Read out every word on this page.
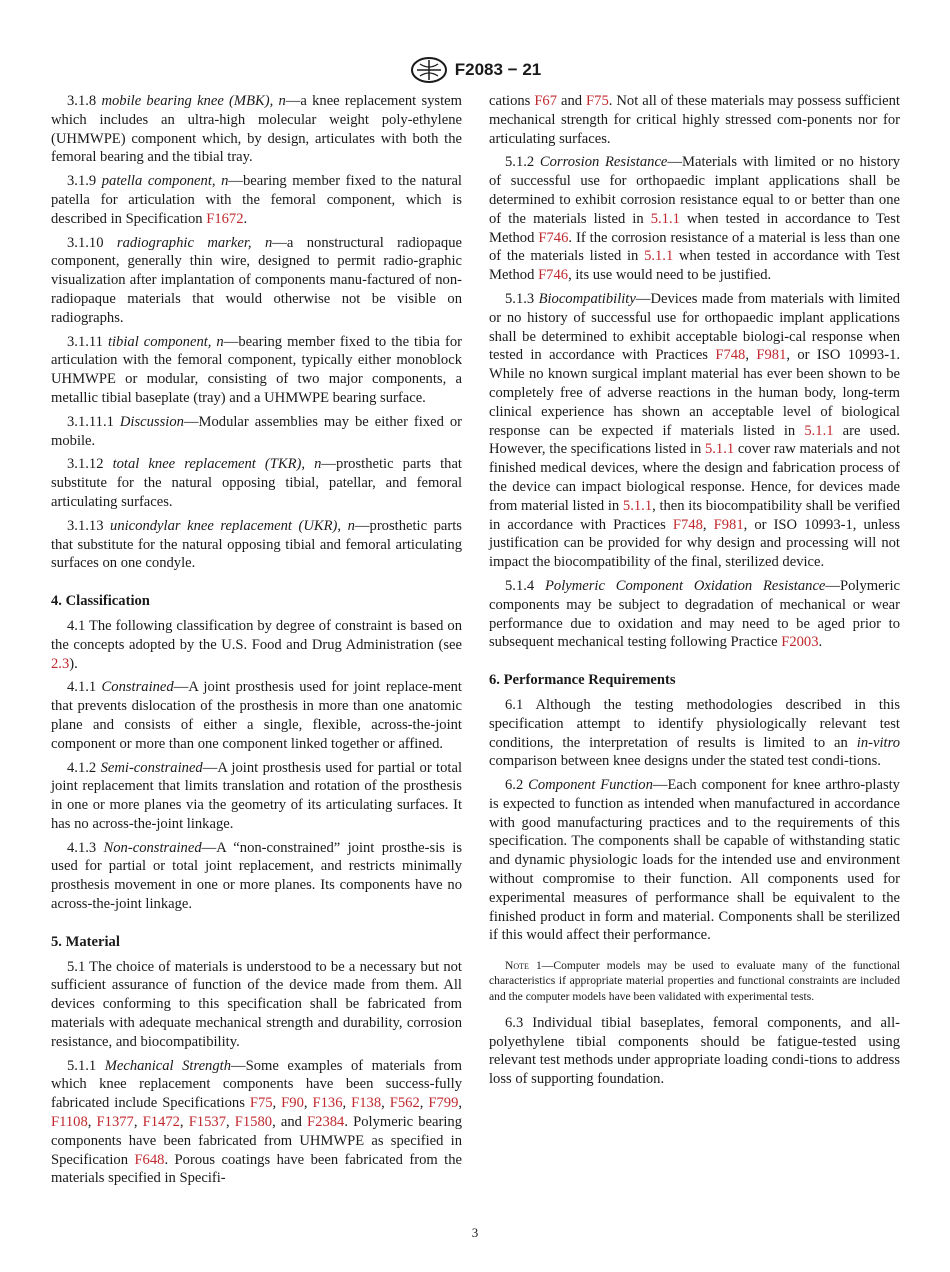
F2083 − 21

3.1.8 mobile bearing knee (MBK), n—a knee replacement system which includes an ultra-high molecular weight poly-ethylene (UHMWPE) component which, by design, articulates with both the femoral bearing and the tibial tray.

3.1.9 patella component, n—bearing member fixed to the natural patella for articulation with the femoral component, which is described in Specification F1672.

3.1.10 radiographic marker, n—a nonstructural radiopaque component, generally thin wire, designed to permit radio-graphic visualization after implantation of components manu-factured of non-radiopaque materials that would otherwise not be visible on radiographs.

3.1.11 tibial component, n—bearing member fixed to the tibia for articulation with the femoral component, typically either monoblock UHMWPE or modular, consisting of two major components, a metallic tibial baseplate (tray) and a UHMWPE bearing surface.

3.1.11.1 Discussion—Modular assemblies may be either fixed or mobile.

3.1.12 total knee replacement (TKR), n—prosthetic parts that substitute for the natural opposing tibial, patellar, and femoral articulating surfaces.

3.1.13 unicondylar knee replacement (UKR), n—prosthetic parts that substitute for the natural opposing tibial and femoral articulating surfaces on one condyle.

4. Classification

4.1 The following classification by degree of constraint is based on the concepts adopted by the U.S. Food and Drug Administration (see 2.3).

4.1.1 Constrained—A joint prosthesis used for joint replace-ment that prevents dislocation of the prosthesis in more than one anatomic plane and consists of either a single, flexible, across-the-joint component or more than one component linked together or affined.

4.1.2 Semi-constrained—A joint prosthesis used for partial or total joint replacement that limits translation and rotation of the prosthesis in one or more planes via the geometry of its articulating surfaces. It has no across-the-joint linkage.

4.1.3 Non-constrained—A “non-constrained” joint prosthe-sis is used for partial or total joint replacement, and restricts minimally prosthesis movement in one or more planes. Its components have no across-the-joint linkage.

5. Material

5.1 The choice of materials is understood to be a necessary but not sufficient assurance of function of the device made from them. All devices conforming to this specification shall be fabricated from materials with adequate mechanical strength and durability, corrosion resistance, and biocompatibility.

5.1.1 Mechanical Strength—Some examples of materials from which knee replacement components have been success-fully fabricated include Specifications F75, F90, F136, F138, F562, F799, F1108, F1377, F1472, F1537, F1580, and F2384. Polymeric bearing components have been fabricated from UHMWPE as specified in Specification F648. Porous coatings have been fabricated from the materials specified in Specifi-

cations F67 and F75. Not all of these materials may possess sufficient mechanical strength for critical highly stressed com-ponents nor for articulating surfaces.

5.1.2 Corrosion Resistance—Materials with limited or no history of successful use for orthopaedic implant applications shall be determined to exhibit corrosion resistance equal to or better than one of the materials listed in 5.1.1 when tested in accordance to Test Method F746. If the corrosion resistance of a material is less than one of the materials listed in 5.1.1 when tested in accordance with Test Method F746, its use would need to be justified.

5.1.3 Biocompatibility—Devices made from materials with limited or no history of successful use for orthopaedic implant applications shall be determined to exhibit acceptable biologi-cal response when tested in accordance with Practices F748, F981, or ISO 10993-1. While no known surgical implant material has ever been shown to be completely free of adverse reactions in the human body, long-term clinical experience has shown an acceptable level of biological response can be expected if materials listed in 5.1.1 are used. However, the specifications listed in 5.1.1 cover raw materials and not finished medical devices, where the design and fabrication process of the device can impact biological response. Hence, for devices made from material listed in 5.1.1, then its biocompatibility shall be verified in accordance with Practices F748, F981, or ISO 10993-1, unless justification can be provided for why design and processing will not impact the biocompatibility of the final, sterilized device.

5.1.4 Polymeric Component Oxidation Resistance—Polymeric components may be subject to degradation of mechanical or wear performance due to oxidation and may need to be aged prior to subsequent mechanical testing following Practice F2003.

6. Performance Requirements

6.1 Although the testing methodologies described in this specification attempt to identify physiologically relevant test conditions, the interpretation of results is limited to an in-vitro comparison between knee designs under the stated test condi-tions.

6.2 Component Function—Each component for knee arthro-plasty is expected to function as intended when manufactured in accordance with good manufacturing practices and to the requirements of this specification. The components shall be capable of withstanding static and dynamic physiologic loads for the intended use and environment without compromise to their function. All components used for experimental measures of performance shall be equivalent to the finished product in form and material. Components shall be sterilized if this would affect their performance.

Note 1—Computer models may be used to evaluate many of the functional characteristics if appropriate material properties and functional constraints are included and the computer models have been validated with experimental tests.

6.3 Individual tibial baseplates, femoral components, and all-polyethylene tibial components should be fatigue-tested using relevant test methods under appropriate loading condi-tions to address loss of supporting foundation.

3
